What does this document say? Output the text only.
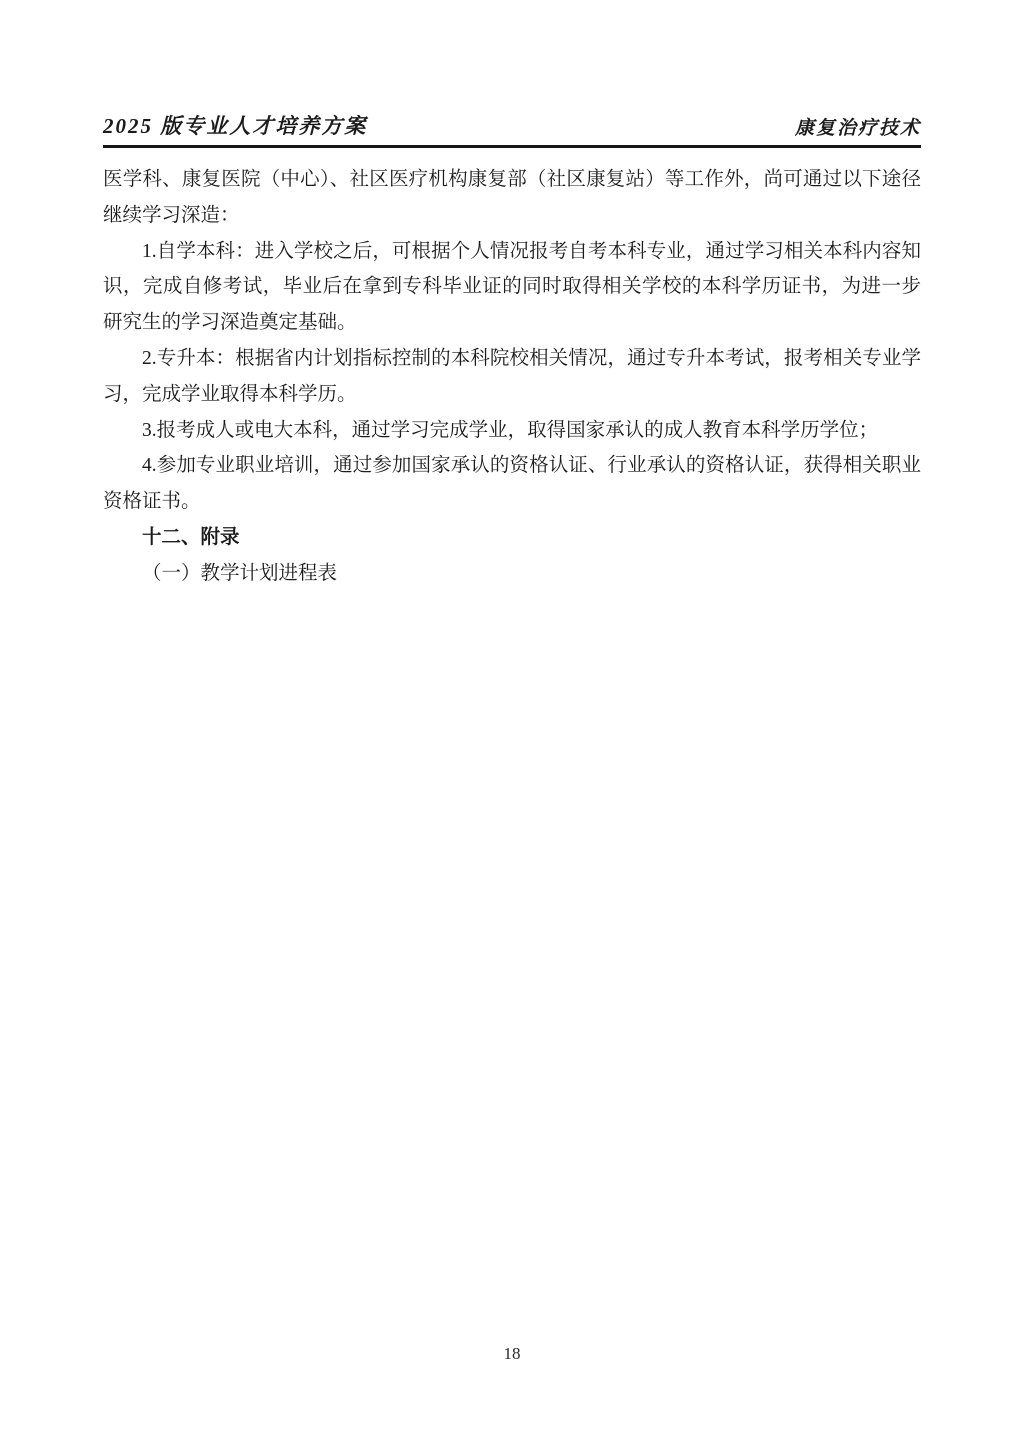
2025 版专业人才培养方案	康复治疗技术

医学科、康复医院（中心）、社区医疗机构康复部（社区康复站）等工作外，尚可通过以下途径继续学习深造：

1.自学本科：进入学校之后，可根据个人情况报考自考本科专业，通过学习相关本科内容知识，完成自修考试，毕业后在拿到专科毕业证的同时取得相关学校的本科学历证书，为进一步研究生的学习深造奠定基础。

2.专升本：根据省内计划指标控制的本科院校相关情况，通过专升本考试，报考相关专业学习，完成学业取得本科学历。

3.报考成人或电大本科，通过学习完成学业，取得国家承认的成人教育本科学历学位；

4.参加专业职业培训，通过参加国家承认的资格认证、行业承认的资格认证，获得相关职业资格证书。

十二、附录

（一）教学计划进程表

18
